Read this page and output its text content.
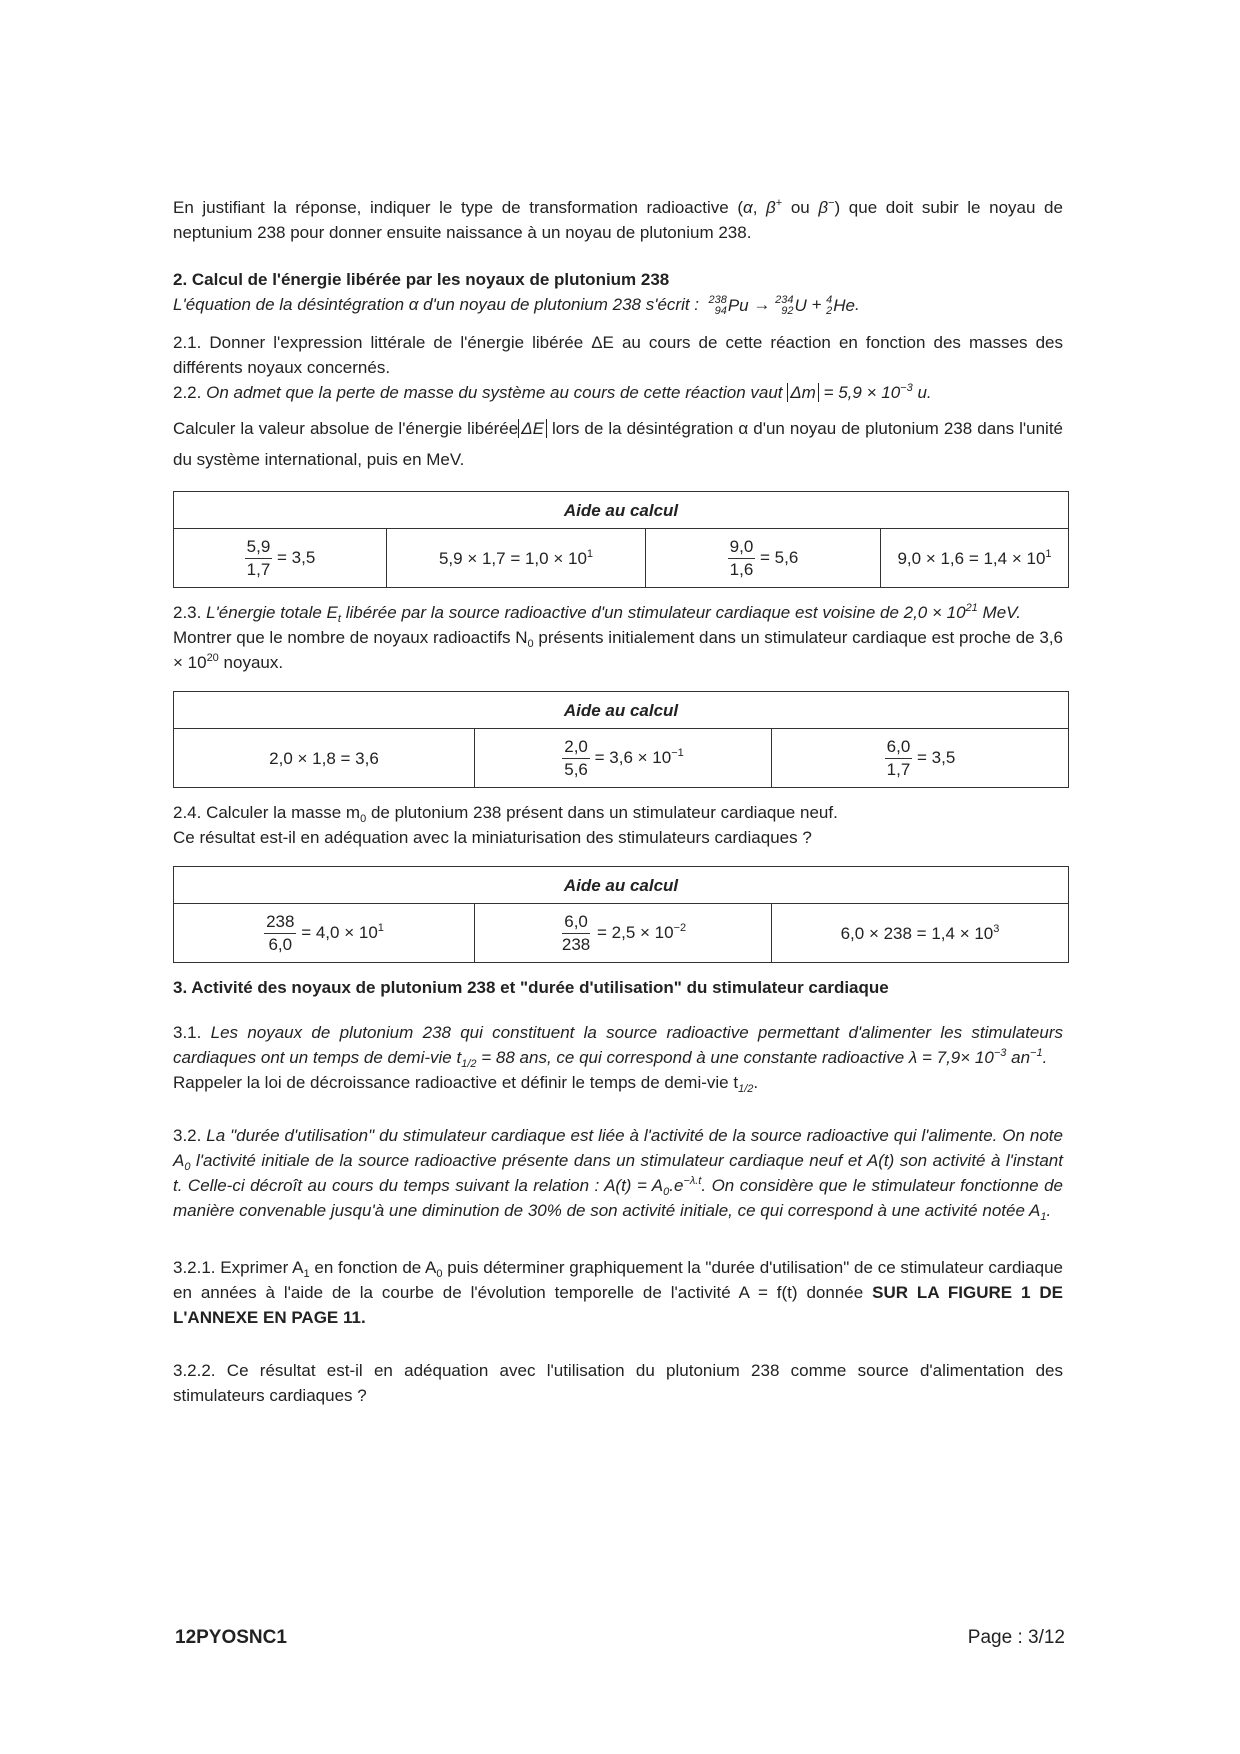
En justifiant la réponse, indiquer le type de transformation radioactive (α, β+ ou β−) que doit subir le noyau de neptunium 238 pour donner ensuite naissance à un noyau de plutonium 238.

2. Calcul de l'énergie libérée par les noyaux de plutonium 238

L'équation de la désintégration α d'un noyau de plutonium 238 s'écrit : 238
94 Pu → 234
92 U + 4
2 He .

2.1. Donner l'expression littérale de l'énergie libérée ΔE au cours de cette réaction en fonction des masses des différents noyaux concernés.

2.2. On admet que la perte de masse du système au cours de cette réaction vaut $\Delta m = 5,9 \times 10^{-3}$ u.

Calculer la valeur absolue de l'énergie libérée ΔE lors de la désintégration α d'un noyau de plutonium 238 dans l'unité du système international, puis en MeV.

Aide au calcul

$\frac{5,9}{1,7} = 3,5$	$5,9 \times 1,7 = 1,0 \times 10^1$	$\frac{9,0}{1,6} = 5,6$	$9,0 \times 1,6 = 1,4 \times 10^1$

2.3. L'énergie totale $E_t$ libérée par la source radioactive d'un stimulateur cardiaque est voisine de $2,0 \times 10^{21}$ MeV.

Montrer que le nombre de noyaux radioactifs $N_0$ présents initialement dans un stimulateur cardiaque est proche de $3,6 \times 10^{20}$ noyaux.

Aide au calcul
2,0 × 1,8 = 3,6	$\frac{2,0}{5,6} = 3,6 \times 10^{-1}$	$\frac{6,0}{1,7} = 3,5$

2.4. Calculer la masse $m_0$ de plutonium 238 présent dans un stimulateur cardiaque neuf.

Ce résultat est-il en adéquation avec la miniaturisation des stimulateurs cardiaques ?

Aide au calcul

$\frac{238}{6,0} = 4,0 \times 10^1$	$\frac{6,0}{238} = 2,5 \times 10^{-2}$	$6,0 \times 238 = 1,4 \times 10^3$

3. Activité des noyaux de plutonium 238 et "durée d'utilisation" du stimulateur cardiaque

3.1. Les noyaux de plutonium 238 qui constituent la source radioactive permettant d'alimenter les stimulateurs cardiaques ont un temps de demi-vie $t_{1/2} = 88$ ans, ce qui correspond à une constante radioactive $\lambda = 7,9\times 10^{-3}$ $an^{-1}$.

Rappeler la loi de décroissance radioactive et définir le temps de demi-vie $t_{1/2}$.

3.2. La "durée d'utilisation" du stimulateur cardiaque est liée à l'activité de la source radioactive qui l'alimente. On note $A_0$ l'activité initiale de la source radioactive présente dans un stimulateur cardiaque neuf et A(t) son activité à l'instant t. Celle-ci décroît au cours du temps suivant la relation : $A(t) = A_0.e^{-\lambda.t}$. On considère que le stimulateur fonctionne de manière convenable jusqu'à une diminution de 30% de son activité initiale, ce qui correspond à une activité notée $A_1$.

3.2.1. Exprimer $A_1$ en fonction de $A_0$ puis déterminer graphiquement la "durée d'utilisation" de ce stimulateur cardiaque en années à l'aide de la courbe de l'évolution temporelle de l'activité A = f(t) donnée SUR LA FIGURE 1 DE L'ANNEXE EN PAGE 11.

3.2.2. Ce résultat est-il en adéquation avec l'utilisation du plutonium 238 comme source d'alimentation des stimulateurs cardiaques ?

12PYOSNC1	Page : 3/12
